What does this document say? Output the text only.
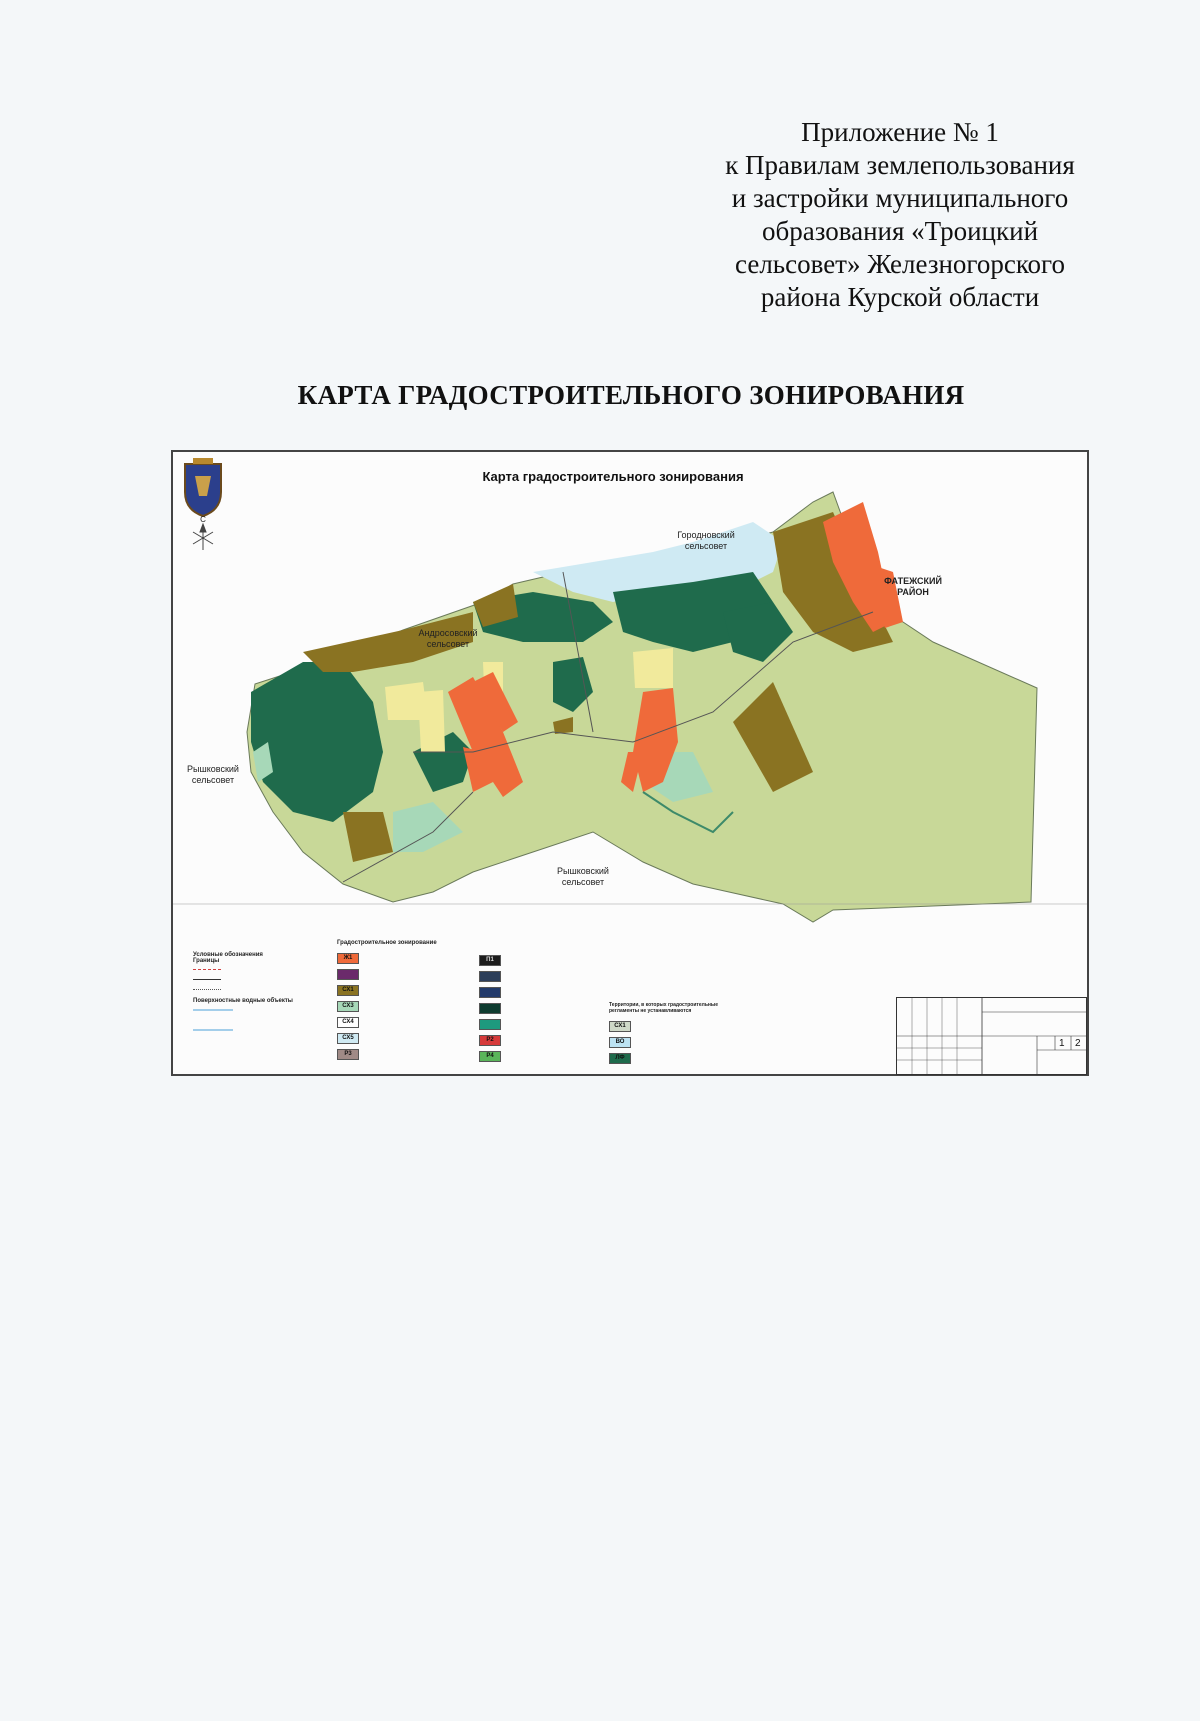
Приложение № 1
к Правилам землепользования
и застройки муниципального
образования «Троицкий
сельсовет» Железногорского
района Курской области
КАРТА ГРАДОСТРОИТЕЛЬНОГО ЗОНИРОВАНИЯ
С
Карта градостроительного зонирования
Городновский
сельсовет
ФАТЕЖСКИЙ
РАЙОН
Андросовский
сельсовет
Рышковский
сельсовет
Рышковский
сельсовет
Условные обозначения
Границы
Поверхностные водные объекты
Градостроительное зонирование
Ж1
СХ1
СХ3
СХ4
СХ5
Р3
П1
Р2
Р4
Территории, в которых градостроительные регламенты не устанавливаются
СХ1
ВО
ЛФ
1 2
